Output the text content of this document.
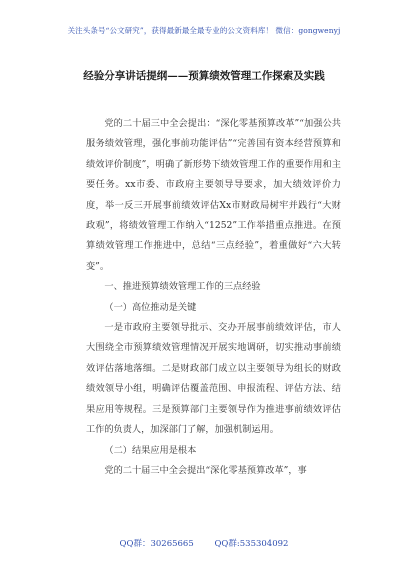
关注头条号“公文研究”，获得最新最全最专业的公文资料库！ 微信：gongwenyj
经验分享讲话提纲——预算绩效管理工作探索及实践

党的二十届三中全会提出：“深化零基预算改革”“加强公共服务绩效管理，强化事前功能评估”“完善国有资本经营预算和绩效评价制度”，明确了新形势下绩效管理工作的重要作用和主要任务。xx市委、市政府主要领导导要求，加大绩效评价力度，举一反三开展事前绩效评估Xx市财政局树牢并践行“大财政观”，将绩效管理工作纳入“1252”工作举措重点推进。在预算绩效管理工作推进中，总结“三点经验”，着重做好“六大转变”。

一、推进预算绩效管理工作的三点经验

（一）高位推动是关键

一是市政府主要领导批示、交办开展事前绩效评估，市人大围绕全市预算绩效管理情况开展实地调研，切实推动事前绩效评估落地落细。二是财政部门成立以主要领导为组长的财政绩效领导小组，明确评估覆盖范围、申报流程、评估方法、结果应用等规程。三是预算部门主要领导作为推进事前绩效评估工作的负责人，加深部门了解，加强机制运用。

（二）结果应用是根本

党的二十届三中全会提出“深化零基预算改革”，事

QQ群：30265665 QQ群:535304092
